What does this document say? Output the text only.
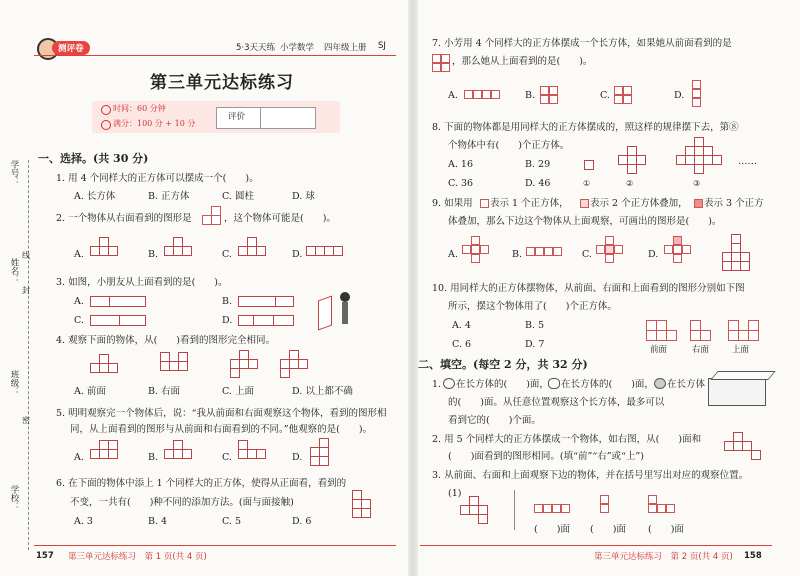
测评卷	5·3天天练 小学数学 四年级上册 SJ
第三单元达标练习
时间：60 分钟
满分：100 分 + 10 分
评价
学号：
姓名：
封
班级：
密
学校：
线
一、选择。(共 30 分)
1. 用 4 个同样大的正方体可以摆成一个(　　)。
A. 长方体	B. 正方体	C. 圆柱	D. 球
2. 一个物体从右面看到的图形是	，这个物体可能是(　　)。
A.	B.	C.	D.
3. 如图，小朋友从上面看到的是(　　)。
A.	B.
C.	D.
4. 观察下面的物体，从(　　)看到的图形完全相同。
A. 前面	B. 右面	C. 上面	D. 以上都不确
5. 明明观察完一个物体后，说：“我从前面和右面观察这个物体，看到的图形相
同，从上面看到的图形与从前面和右面看到的不同。”他观察的是(　　)。
A.	B.	C.	D.
6. 在下面的物体中添上 1 个同样大的正方体，使得从正面看，看到的
不变，一共有(　　)种不同的添加方法。(面与面接触)
A. 3	B. 4	C. 5	D. 6
157 第三单元达标练习　第 1 页(共 4 页)
7. 小芳用 4 个同样大的正方体摆成一个长方体，如果她从前面看到的是
，那么她从上面看到的是(　　)。
A.	B.	C.	D.
8. 下面的物体都是用同样大的正方体摆成的，照这样的规律摆下去，第⑧
个物体中有(　　)个正方体。
A. 16	B. 29
C. 36	D. 46	①	②	③
……
9. 如果用 表示 1 个正方体， 表示 2 个正方体叠加， 表示 3 个正方
体叠加，那么下边这个物体从上面观察，可画出的图形是(　　)。
A.	B.	C.	D.
10. 用同样大的正方体摆物体，从前面、右面和上面看到的图形分别如下图
所示，摆这个物体用了(　　)个正方体。
A. 4	B. 5
C. 6	D. 7	前面	右面	上面
二、填空。(每空 2 分，共 32 分)
1. 在长方体的(　　)面， 在长方体的(　　)面， 在长方体
的(　　)面。从任意位置观察这个长方体，最多可以
看到它的(　　)个面。
2. 用 5 个同样大的正方体摆成一个物体，如右图，从(　　)面和
(　　)面看到的图形相同。(填“前”“右”或“上”)
3. 从前面、右面和上面观察下边的物体，并在括号里写出对应的观察位置。
(1)
(　　)面 (　　)面 (　　)面
第三单元达标练习　第 2 页(共 4 页) 158
